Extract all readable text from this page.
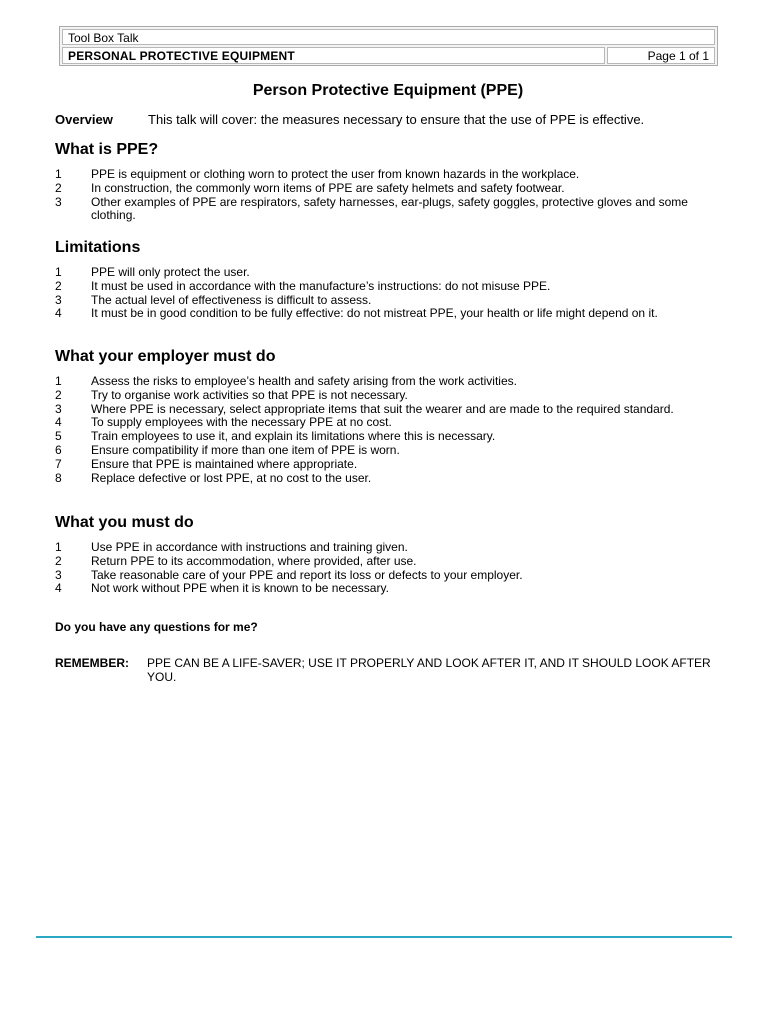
Tool Box Talk
PERSONAL PROTECTIVE EQUIPMENT	Page 1 of 1
Person Protective Equipment (PPE)
Overview	This talk will cover: the measures necessary to ensure that the use of PPE is effective.
What is PPE?
1 PPE is equipment or clothing worn to protect the user from known hazards in the workplace.
2 In construction, the commonly worn items of PPE are safety helmets and safety footwear.
3 Other examples of PPE are respirators, safety harnesses, ear-plugs, safety goggles, protective gloves and some clothing.
Limitations
1 PPE will only protect the user.
2 It must be used in accordance with the manufacture’s instructions: do not misuse PPE.
3 The actual level of effectiveness is difficult to assess.
4 It must be in good condition to be fully effective: do not mistreat PPE, your health or life might depend on it.
What your employer must do
1 Assess the risks to employee’s health and safety arising from the work activities.
2 Try to organise work activities so that PPE is not necessary.
3 Where PPE is necessary, select appropriate items that suit the wearer and are made to the required standard.
4 To supply employees with the necessary PPE at no cost.
5 Train employees to use it, and explain its limitations where this is necessary.
6 Ensure compatibility if more than one item of PPE is worn.
7 Ensure that PPE is maintained where appropriate.
8 Replace defective or lost PPE, at no cost to the user.
What you must do
1 Use PPE in accordance with instructions and training given.
2 Return PPE to its accommodation, where provided, after use.
3 Take reasonable care of your PPE and report its loss or defects to your employer.
4 Not work without PPE when it is known to be necessary.
Do you have any questions for me?
REMEMBER: PPE CAN BE A LIFE-SAVER; USE IT PROPERLY AND LOOK AFTER IT, AND IT SHOULD LOOK AFTER YOU.
